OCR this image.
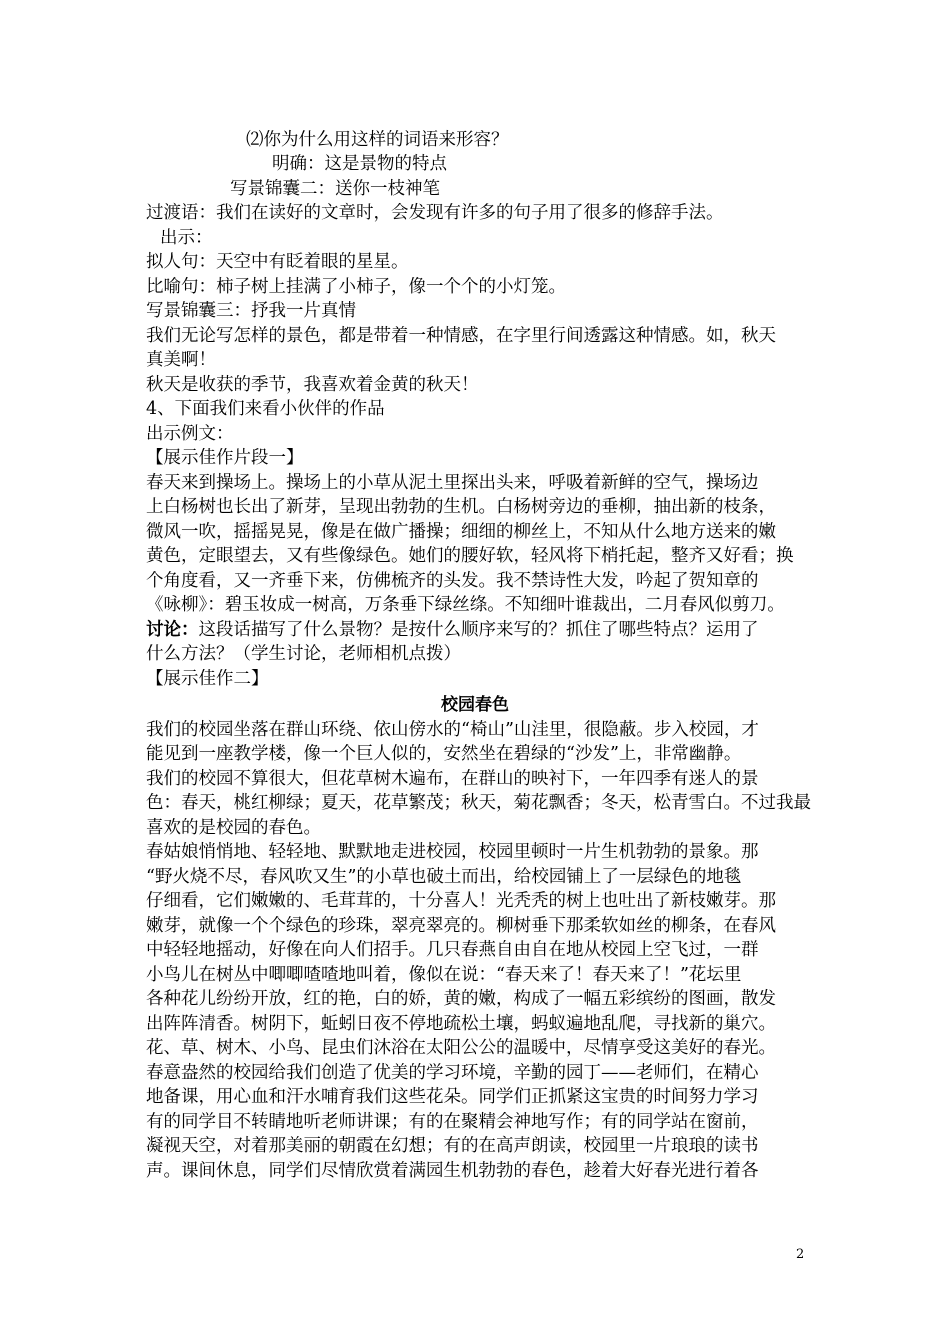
⑵你为什么用这样的词语来形容？
明确：这是景物的特点
写景锦囊二：送你一枝神笔
过渡语：我们在读好的文章时，会发现有许多的句子用了很多的修辞手法。
出示：
拟人句：天空中有眨着眼的星星。
比喻句：柿子树上挂满了小柿子，像一个个的小灯笼。
写景锦囊三：抒我一片真情
我们无论写怎样的景色，都是带着一种情感，在字里行间透露这种情感。如，秋天
真美啊！
秋天是收获的季节，我喜欢着金黄的秋天！
4、下面我们来看小伙伴的作品
出示例文：
【展示佳作片段一】
春天来到操场上。操场上的小草从泥土里探出头来，呼吸着新鲜的空气，操场边
上白杨树也长出了新芽，呈现出勃勃的生机。白杨树旁边的垂柳，抽出新的枝条，
微风一吹，摇摇晃晃，像是在做广播操；细细的柳丝上，不知从什么地方送来的嫩
黄色，定眼望去，又有些像绿色。她们的腰好软，轻风将下梢托起，整齐又好看；换
个角度看，又一齐垂下来，仿佛梳齐的头发。我不禁诗性大发，吟起了贺知章的
《咏柳》：碧玉妆成一树高，万条垂下绿丝绦。不知细叶谁裁出，二月春风似剪刀。
讨论：这段话描写了什么景物？是按什么顺序来写的？抓住了哪些特点？运用了
什么方法？（学生讨论，老师相机点拨）
【展示佳作二】
校园春色
我们的校园坐落在群山环绕、依山傍水的“椅山”山洼里，很隐蔽。步入校园，才
能见到一座教学楼，像一个巨人似的，安然坐在碧绿的“沙发”上，非常幽静。
我们的校园不算很大，但花草树木遍布，在群山的映衬下，一年四季有迷人的景
色：春天，桃红柳绿；夏天，花草繁茂；秋天，菊花飘香；冬天，松青雪白。不过我最
喜欢的是校园的春色。
春姑娘悄悄地、轻轻地、默默地走进校园，校园里顿时一片生机勃勃的景象。那
“野火烧不尽，春风吹又生”的小草也破土而出，给校园铺上了一层绿色的地毯
仔细看，它们嫩嫩的、毛茸茸的，十分喜人！光秃秃的树上也吐出了新枝嫩芽。那
嫩芽，就像一个个绿色的珍珠，翠亮翠亮的。柳树垂下那柔软如丝的柳条，在春风
中轻轻地摇动，好像在向人们招手。几只春燕自由自在地从校园上空飞过，一群
小鸟儿在树丛中唧唧喳喳地叫着，像似在说：“春天来了！春天来了！”花坛里
各种花儿纷纷开放，红的艳，白的娇，黄的嫩，构成了一幅五彩缤纷的图画，散发
出阵阵清香。树阴下，蚯蚓日夜不停地疏松土壤，蚂蚁遍地乱爬，寻找新的巢穴。
花、草、树木、小鸟、昆虫们沐浴在太阳公公的温暖中，尽情享受这美好的春光。
春意盎然的校园给我们创造了优美的学习环境，辛勤的园丁——老师们，在精心
地备课，用心血和汗水哺育我们这些花朵。同学们正抓紧这宝贵的时间努力学习
有的同学目不转睛地听老师讲课；有的在聚精会神地写作；有的同学站在窗前，
凝视天空，对着那美丽的朝霞在幻想；有的在高声朗读，校园里一片琅琅的读书
声。课间休息，同学们尽情欣赏着满园生机勃勃的春色，趁着大好春光进行着各
2
